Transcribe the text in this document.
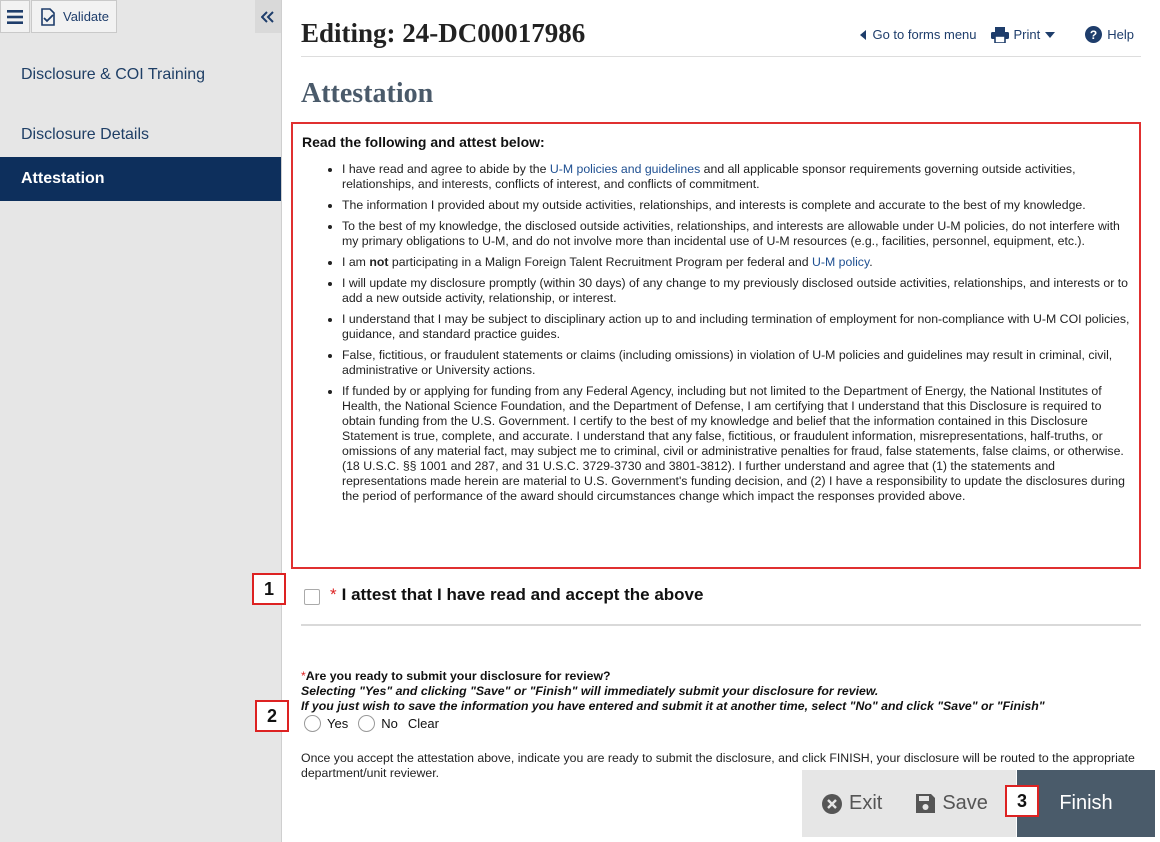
Validate
Disclosure & COI Training
Disclosure Details
Attestation
Editing: 24-DC00017986	Go to forms menu	Print	? Help
Attestation
Read the following and attest below:
• I have read and agree to abide by the U-M policies and guidelines and all applicable sponsor requirements governing outside activities, relationships, and interests, conflicts of interest, and conflicts of commitment.
• The information I provided about my outside activities, relationships, and interests is complete and accurate to the best of my knowledge.
• To the best of my knowledge, the disclosed outside activities, relationships, and interests are allowable under U-M policies, do not interfere with my primary obligations to U-M, and do not involve more than incidental use of U-M resources (e.g., facilities, personnel, equipment, etc.).
• I am not participating in a Malign Foreign Talent Recruitment Program per federal and U-M policy.
• I will update my disclosure promptly (within 30 days) of any change to my previously disclosed outside activities, relationships, and interests or to add a new outside activity, relationship, or interest.
• I understand that I may be subject to disciplinary action up to and including termination of employment for non-compliance with U-M COI policies, guidance, and standard practice guides.
• False, fictitious, or fraudulent statements or claims (including omissions) in violation of U-M policies and guidelines may result in criminal, civil, administrative or University actions.
• If funded by or applying for funding from any Federal Agency, including but not limited to the Department of Energy, the National Institutes of Health, the National Science Foundation, and the Department of Defense, I am certifying that I understand that this Disclosure is required to obtain funding from the U.S. Government. I certify to the best of my knowledge and belief that the information contained in this Disclosure Statement is true, complete, and accurate. I understand that any false, fictitious, or fraudulent information, misrepresentations, half-truths, or omissions of any material fact, may subject me to criminal, civil or administrative penalties for fraud, false statements, false claims, or otherwise. (18 U.S.C. §§ 1001 and 287, and 31 U.S.C. 3729-3730 and 3801-3812). I further understand and agree that (1) the statements and representations made herein are material to U.S. Government's funding decision, and (2) I have a responsibility to update the disclosures during the period of performance of the award should circumstances change which impact the responses provided above.
1	* I attest that I have read and accept the above
*Are you ready to submit your disclosure for review?
Selecting "Yes" and clicking "Save" or "Finish" will immediately submit your disclosure for review.
If you just wish to save the information you have entered and submit it at another time, select "No" and click "Save" or "Finish"
2	Yes	No Clear
Once you accept the attestation above, indicate you are ready to submit the disclosure, and click FINISH, your disclosure will be routed to the appropriate department/unit reviewer.
Exit	Save	Finish
3
